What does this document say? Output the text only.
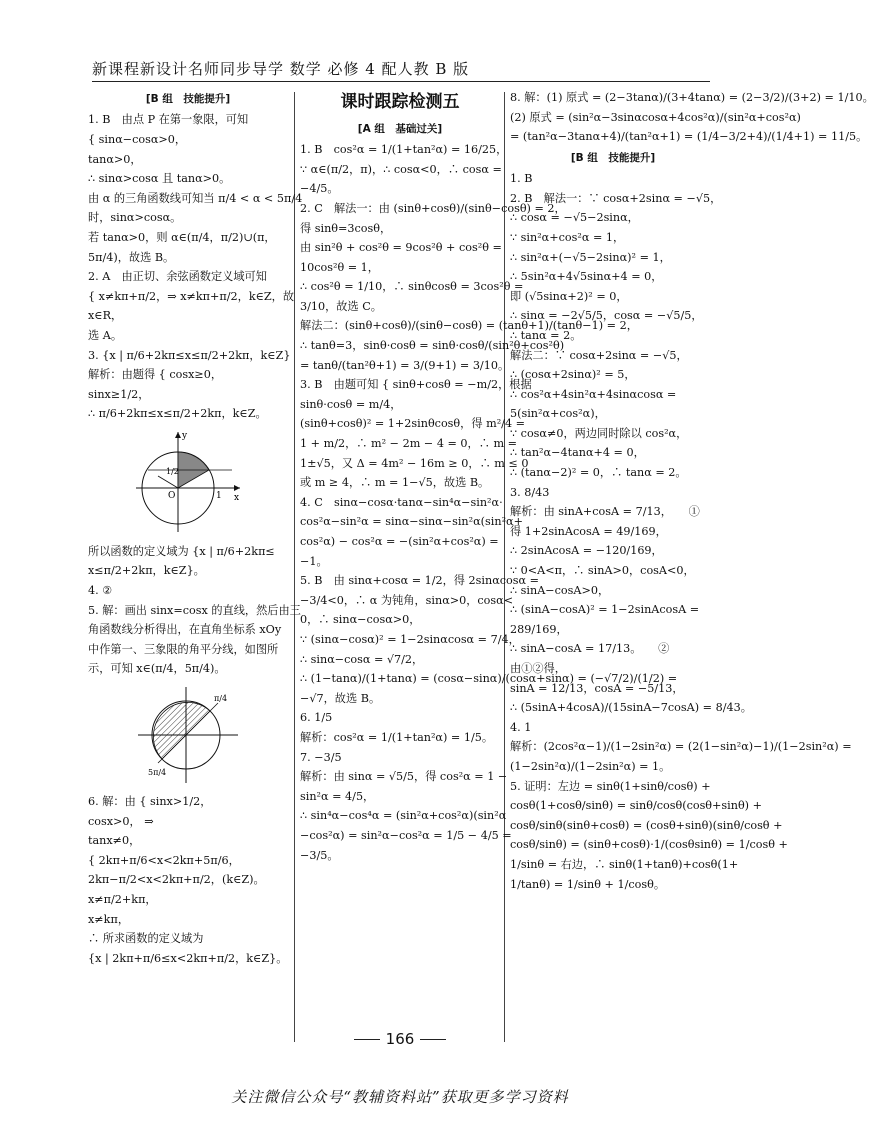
新课程新设计名师同步导学 数学 必修 4 配人教 B 版
[B 组　技能提升]
1. B　由点 P 在第一象限，可知
{ sinα−cosα>0，
tanα>0，
∴ sinα>cosα 且 tanα>0。
由 α 的三角函数线可知当 π/4 < α < 5π/4
时，sinα>cosα。
若 tanα>0，则 α∈(π/4，π/2)∪(π，
5π/4)，故选 B。
2. A　由正切、余弦函数定义域可知
{ x≠kπ+π/2，⇒ x≠kπ+π/2，k∈Z，故
x∈R，
选 A。
3. {x | π/6+2kπ≤x≤π/2+2kπ，k∈Z}
解析：由题得 { cosx≥0，
sinx≥1/2，
∴ π/6+2kπ≤x≤π/2+2kπ，k∈Z。
y
x
O	1
1/2
所以函数的定义域为 {x | π/6+2kπ≤
x≤π/2+2kπ，k∈Z}。
4. ②
5. 解：画出 sinx=cosx 的直线，然后由三
角函数线分析得出，在直角坐标系 xOy
中作第一、三象限的角平分线，如图所
示，可知 x∈(π/4，5π/4)。
π/4
5π/4
6. 解：由 { sinx>1/2，
cosx>0， ⇒
tanx≠0，
{ 2kπ+π/6<x<2kπ+5π/6，
2kπ−π/2<x<2kπ+π/2，(k∈Z)。
x≠π/2+kπ，
x≠kπ，
∴ 所求函数的定义域为
{x | 2kπ+π/6≤x<2kπ+π/2，k∈Z}。
课时跟踪检测五
[A 组　基础过关]
1. B　cos²α = 1/(1+tan²α) = 16/25，
∵ α∈(π/2，π)，∴ cosα<0，∴ cosα =
−4/5。
2. C　解法一：由 (sinθ+cosθ)/(sinθ−cosθ) = 2，
得 sinθ=3cosθ，
由 sin²θ + cos²θ = 9cos²θ + cos²θ =
10cos²θ = 1，
∴ cos²θ = 1/10，∴ sinθcosθ = 3cos²θ =
3/10，故选 C。
解法二：(sinθ+cosθ)/(sinθ−cosθ) = (tanθ+1)/(tanθ−1) = 2，
∴ tanθ=3，sinθ·cosθ = sinθ·cosθ/(sin²θ+cos²θ)
= tanθ/(tan²θ+1) = 3/(9+1) = 3/10。
3. B　由题可知 { sinθ+cosθ = −m/2，根据
sinθ·cosθ = m/4，
(sinθ+cosθ)² = 1+2sinθcosθ，得 m²/4 =
1 + m/2，∴ m² − 2m − 4 = 0，∴ m =
1±√5，又 Δ = 4m² − 16m ≥ 0，∴ m ≤ 0
或 m ≥ 4，∴ m = 1−√5，故选 B。
4. C　sinα−cosα·tanα−sin⁴α−sin²α·
cos²α−sin²α = sinα−sinα−sin²α(sin²α+
cos²α) − cos²α = −(sin²α+cos²α) =
−1。
5. B　由 sinα+cosα = 1/2，得 2sinαcosα =
−3/4<0，∴ α 为钝角，sinα>0，cosα<
0，∴ sinα−cosα>0，
∵ (sinα−cosα)² = 1−2sinαcosα = 7/4，
∴ sinα−cosα = √7/2，
∴ (1−tanα)/(1+tanα) = (cosα−sinα)/(cosα+sinα) = (−√7/2)/(1/2) =
−√7，故选 B。
6. 1/5
解析：cos²α = 1/(1+tan²α) = 1/5。
7. −3/5
解析：由 sinα = √5/5，得 cos²α = 1 −
sin²α = 4/5，
∴ sin⁴α−cos⁴α = (sin²α+cos²α)(sin²α
−cos²α) = sin²α−cos²α = 1/5 − 4/5 =
−3/5。
8. 解：(1) 原式 = (2−3tanα)/(3+4tanα) = (2−3/2)/(3+2) = 1/10。
(2) 原式 = (sin²α−3sinαcosα+4cos²α)/(sin²α+cos²α)
= (tan²α−3tanα+4)/(tan²α+1) = (1/4−3/2+4)/(1/4+1) = 11/5。
[B 组　技能提升]
1. B
2. B　解法一：∵ cosα+2sinα = −√5，
∴ cosα = −√5−2sinα，
∵ sin²α+cos²α = 1，
∴ sin²α+(−√5−2sinα)² = 1，
∴ 5sin²α+4√5sinα+4 = 0，
即 (√5sinα+2)² = 0，
∴ sinα = −2√5/5，cosα = −√5/5，
∴ tanα = 2。
解法二：∵ cosα+2sinα = −√5，
∴ (cosα+2sinα)² = 5，
∴ cos²α+4sin²α+4sinαcosα =
5(sin²α+cos²α)，
∵ cosα≠0，两边同时除以 cos²α，
∴ tan²α−4tanα+4 = 0，
∴ (tanα−2)² = 0，∴ tanα = 2。
3. 8/43
解析：由 sinA+cosA = 7/13，　　①
得 1+2sinAcosA = 49/169，
∴ 2sinAcosA = −120/169，
∵ 0<A<π，∴ sinA>0，cosA<0，
∴ sinA−cosA>0，
∴ (sinA−cosA)² = 1−2sinAcosA =
289/169，
∴ sinA−cosA = 17/13。　　②
由①②得，
sinA = 12/13，cosA = −5/13，
∴ (5sinA+4cosA)/(15sinA−7cosA) = 8/43。
4. 1
解析：(2cos²α−1)/(1−2sin²α) = (2(1−sin²α)−1)/(1−2sin²α) =
(1−2sin²α)/(1−2sin²α) = 1。
5. 证明：左边 = sinθ(1+sinθ/cosθ) +
cosθ(1+cosθ/sinθ) = sinθ/cosθ(cosθ+sinθ) +
cosθ/sinθ(sinθ+cosθ) = (cosθ+sinθ)(sinθ/cosθ +
cosθ/sinθ) = (sinθ+cosθ)·1/(cosθsinθ) = 1/cosθ +
1/sinθ = 右边，∴ sinθ(1+tanθ)+cosθ(1+
1/tanθ) = 1/sinθ + 1/cosθ。
166
关注微信公众号“教辅资料站”获取更多学习资料
